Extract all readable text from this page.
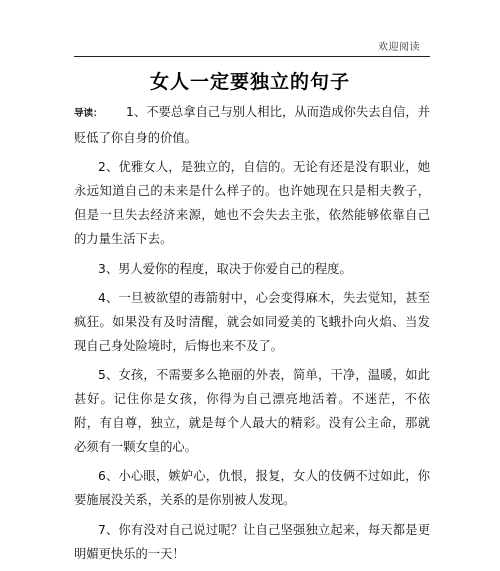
欢迎阅读
女人一定要独立的句子

导读： 1、不要总拿自己与别人相比，从而造成你失去自信，并贬低了你自身的价值。

2、优雅女人，是独立的，自信的。无论有还是没有职业，她永远知道自己的未来是什么样子的。也许她现在只是相夫教子，但是一旦失去经济来源，她也不会失去主张，依然能够依靠自己的力量生活下去。

3、男人爱你的程度，取决于你爱自己的程度。

4、一旦被欲望的毒箭射中，心会变得麻木，失去觉知，甚至疯狂。如果没有及时清醒，就会如同爱美的飞蛾扑向火焰、当发现自己身处险境时，后悔也来不及了。

5、女孩，不需要多么艳丽的外表，简单，干净，温暖，如此甚好。记住你是女孩，你得为自己漂亮地活着。不迷茫，不依附，有自尊，独立，就是每个人最大的精彩。没有公主命，那就必须有一颗女皇的心。

6、小心眼，嫉妒心，仇恨，报复，女人的伎俩不过如此，你要施展没关系，关系的是你别被人发现。

7、你有没对自己说过呢？让自己坚强独立起来，每天都是更明媚更快乐的一天！
